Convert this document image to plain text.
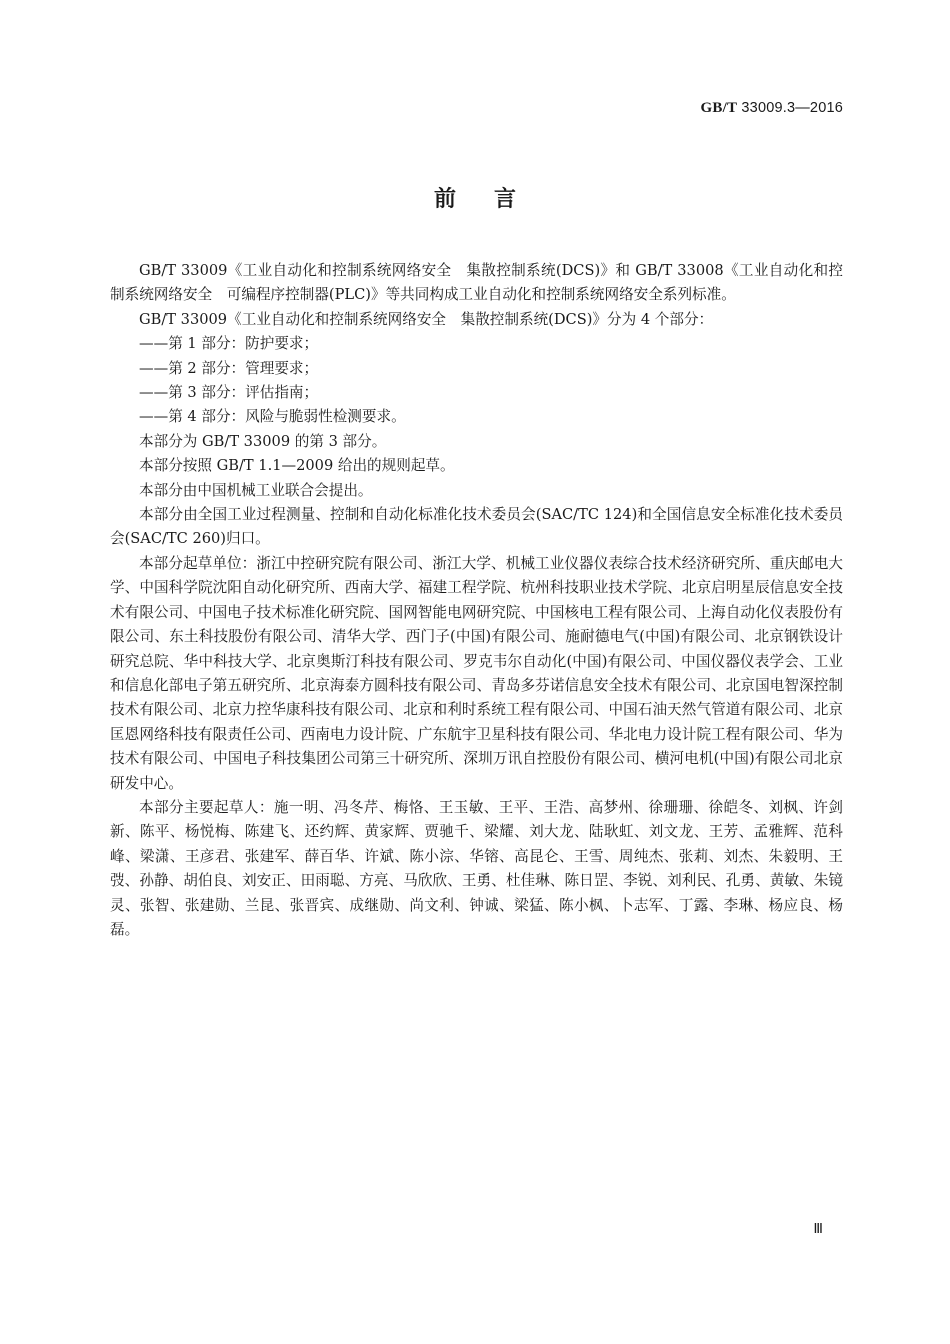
GB/T 33009.3—2016
前言

GB/T 33009《工业自动化和控制系统网络安全　集散控制系统(DCS)》和 GB/T 33008《工业自动化和控制系统网络安全　可编程序控制器(PLC)》等共同构成工业自动化和控制系统网络安全系列标准。

GB/T 33009《工业自动化和控制系统网络安全　集散控制系统(DCS)》分为 4 个部分：

——第 1 部分：防护要求；

——第 2 部分：管理要求；

——第 3 部分：评估指南；

——第 4 部分：风险与脆弱性检测要求。

本部分为 GB/T 33009 的第 3 部分。

本部分按照 GB/T 1.1—2009 给出的规则起草。

本部分由中国机械工业联合会提出。

本部分由全国工业过程测量、控制和自动化标准化技术委员会(SAC/TC 124)和全国信息安全标准化技术委员会(SAC/TC 260)归口。

本部分起草单位：浙江中控研究院有限公司、浙江大学、机械工业仪器仪表综合技术经济研究所、重庆邮电大学、中国科学院沈阳自动化研究所、西南大学、福建工程学院、杭州科技职业技术学院、北京启明星辰信息安全技术有限公司、中国电子技术标准化研究院、国网智能电网研究院、中国核电工程有限公司、上海自动化仪表股份有限公司、东土科技股份有限公司、清华大学、西门子(中国)有限公司、施耐德电气(中国)有限公司、北京钢铁设计研究总院、华中科技大学、北京奥斯汀科技有限公司、罗克韦尔自动化(中国)有限公司、中国仪器仪表学会、工业和信息化部电子第五研究所、北京海泰方圆科技有限公司、青岛多芬诺信息安全技术有限公司、北京国电智深控制技术有限公司、北京力控华康科技有限公司、北京和利时系统工程有限公司、中国石油天然气管道有限公司、北京匡恩网络科技有限责任公司、西南电力设计院、广东航宇卫星科技有限公司、华北电力设计院工程有限公司、华为技术有限公司、中国电子科技集团公司第三十研究所、深圳万讯自控股份有限公司、横河电机(中国)有限公司北京研发中心。

本部分主要起草人：施一明、冯冬芹、梅恪、王玉敏、王平、王浩、高梦州、徐珊珊、徐皑冬、刘枫、许剑新、陈平、杨悦梅、陈建飞、还约辉、黄家辉、贾驰千、梁耀、刘大龙、陆耿虹、刘文龙、王芳、孟雅辉、范科峰、梁潇、王彦君、张建军、薛百华、许斌、陈小淙、华镕、高昆仑、王雪、周纯杰、张莉、刘杰、朱毅明、王弢、孙静、胡伯良、刘安正、田雨聪、方亮、马欣欣、王勇、杜佳琳、陈日罡、李锐、刘利民、孔勇、黄敏、朱镜灵、张智、张建勋、兰昆、张晋宾、成继勋、尚文利、钟诚、梁猛、陈小枫、卜志军、丁露、李琳、杨应良、杨磊。

Ⅲ
